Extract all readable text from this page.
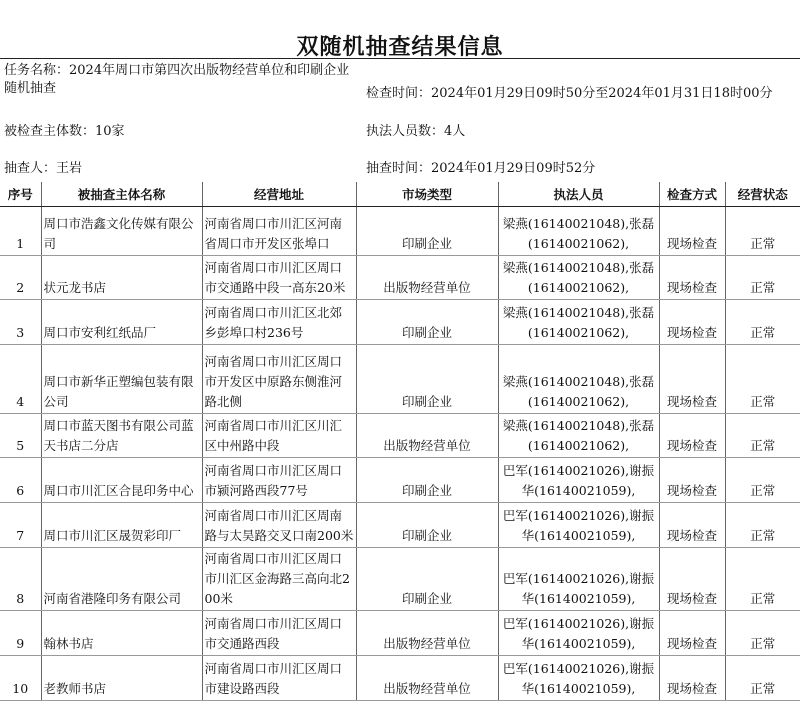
双随机抽查结果信息
任务名称：2024年周口市第四次出版物经营单位和印刷企业随机抽查	检查时间：2024年01月29日09时50分至2024年01月31日18时00分
被检查主体数：10家	执法人员数：4人
抽查人：王岩	抽查时间：2024年01月29日09时52分
序号	被抽查主体名称	经营地址	市场类型	执法人员	检查方式	经营状态
1	周口市浩鑫文化传媒有限公司	河南省周口市川汇区河南省周口市开发区张埠口	印刷企业	梁燕(16140021048),张磊(16140021062),	现场检查	正常
2	状元龙书店	河南省周口市川汇区周口市交通路中段一高东20米	出版物经营单位	梁燕(16140021048),张磊(16140021062),	现场检查	正常
3	周口市安利红纸品厂	河南省周口市川汇区北郊乡彭埠口村236号	印刷企业	梁燕(16140021048),张磊(16140021062),	现场检查	正常
4	周口市新华正塑编包装有限公司	河南省周口市川汇区周口市开发区中原路东侧淮河路北侧	印刷企业	梁燕(16140021048),张磊(16140021062),	现场检查	正常
5	周口市蓝天图书有限公司蓝天书店二分店	河南省周口市川汇区川汇区中州路中段	出版物经营单位	梁燕(16140021048),张磊(16140021062),	现场检查	正常
6	周口市川汇区合昆印务中心	河南省周口市川汇区周口市颍河路西段77号	印刷企业	巴军(16140021026),谢振华(16140021059),	现场检查	正常
7	周口市川汇区晟贺彩印厂	河南省周口市川汇区周南路与太昊路交叉口南200米	印刷企业	巴军(16140021026),谢振华(16140021059),	现场检查	正常
8	河南省港隆印务有限公司	河南省周口市川汇区周口市川汇区金海路三高向北200米	印刷企业	巴军(16140021026),谢振华(16140021059),	现场检查	正常
9	翰林书店	河南省周口市川汇区周口市交通路西段	出版物经营单位	巴军(16140021026),谢振华(16140021059),	现场检查	正常
10	老教师书店	河南省周口市川汇区周口市建设路西段	出版物经营单位	巴军(16140021026),谢振华(16140021059),	现场检查	正常
